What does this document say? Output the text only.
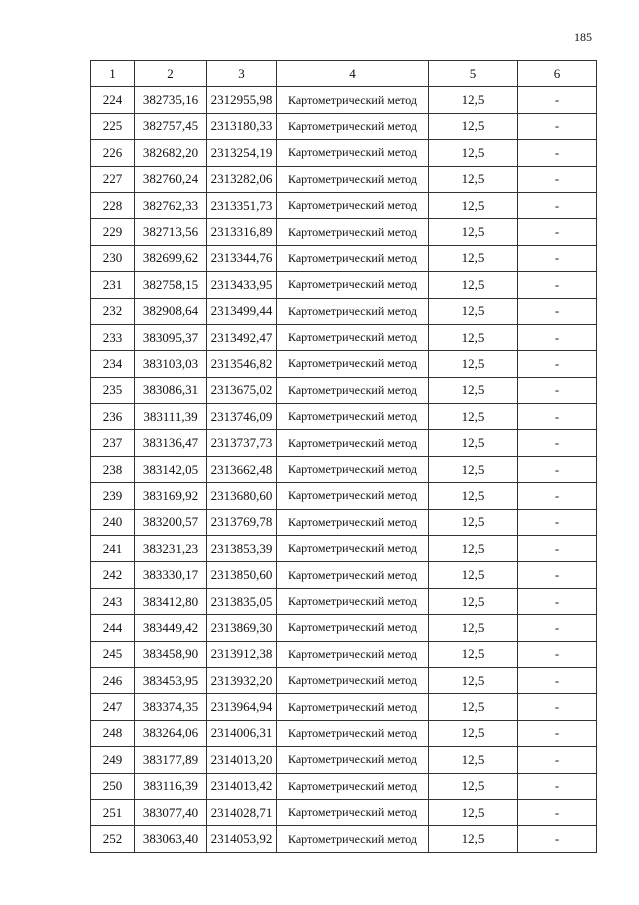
185
1	2	3	4	5	6
224	382735,16	2312955,98	Картометрический метод	12,5	-
225	382757,45	2313180,33	Картометрический метод	12,5	-
226	382682,20	2313254,19	Картометрический метод	12,5	-
227	382760,24	2313282,06	Картометрический метод	12,5	-
228	382762,33	2313351,73	Картометрический метод	12,5	-
229	382713,56	2313316,89	Картометрический метод	12,5	-
230	382699,62	2313344,76	Картометрический метод	12,5	-
231	382758,15	2313433,95	Картометрический метод	12,5	-
232	382908,64	2313499,44	Картометрический метод	12,5	-
233	383095,37	2313492,47	Картометрический метод	12,5	-
234	383103,03	2313546,82	Картометрический метод	12,5	-
235	383086,31	2313675,02	Картометрический метод	12,5	-
236	383111,39	2313746,09	Картометрический метод	12,5	-
237	383136,47	2313737,73	Картометрический метод	12,5	-
238	383142,05	2313662,48	Картометрический метод	12,5	-
239	383169,92	2313680,60	Картометрический метод	12,5	-
240	383200,57	2313769,78	Картометрический метод	12,5	-
241	383231,23	2313853,39	Картометрический метод	12,5	-
242	383330,17	2313850,60	Картометрический метод	12,5	-
243	383412,80	2313835,05	Картометрический метод	12,5	-
244	383449,42	2313869,30	Картометрический метод	12,5	-
245	383458,90	2313912,38	Картометрический метод	12,5	-
246	383453,95	2313932,20	Картометрический метод	12,5	-
247	383374,35	2313964,94	Картометрический метод	12,5	-
248	383264,06	2314006,31	Картометрический метод	12,5	-
249	383177,89	2314013,20	Картометрический метод	12,5	-
250	383116,39	2314013,42	Картометрический метод	12,5	-
251	383077,40	2314028,71	Картометрический метод	12,5	-
252	383063,40	2314053,92	Картометрический метод	12,5	-
